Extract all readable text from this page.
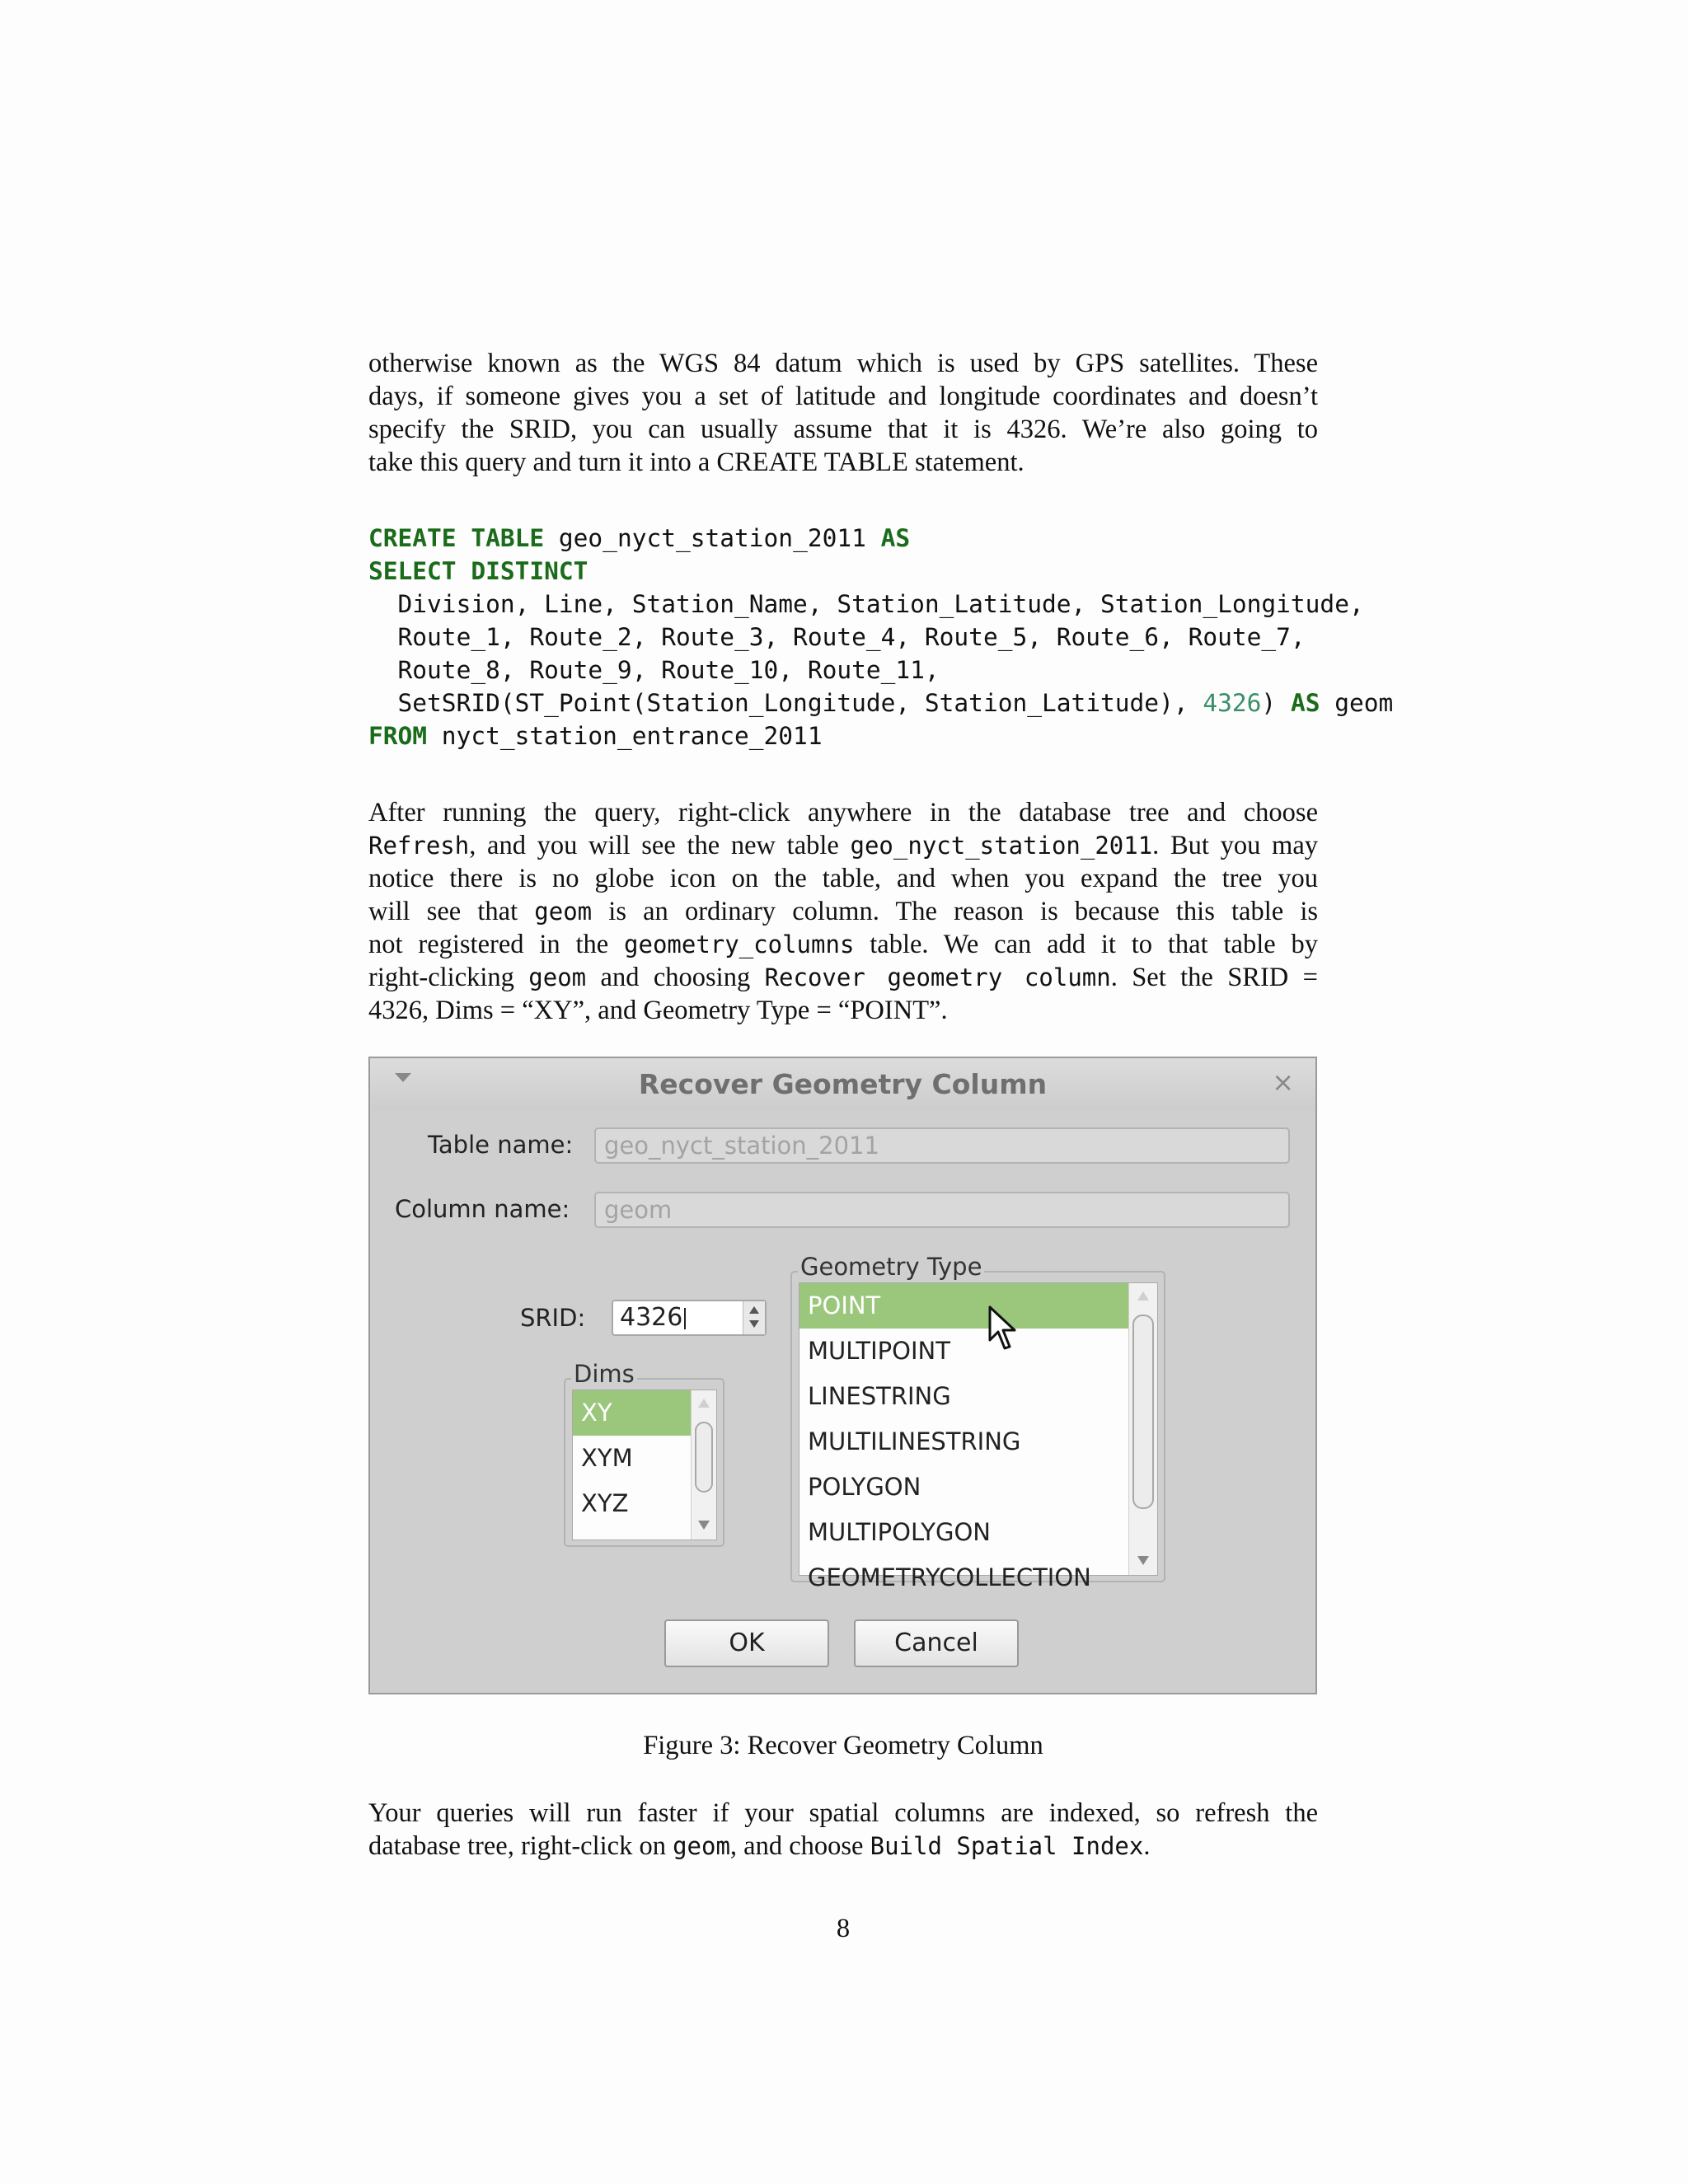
otherwise known as the WGS 84 datum which is used by GPS satellites. These
days, if someone gives you a set of latitude and longitude coordinates and doesn’t
specify the SRID, you can usually assume that it is 4326. We’re also going to
take this query and turn it into a CREATE TABLE statement.

CREATE TABLE geo_nyct_station_2011 AS
SELECT DISTINCT
Division, Line, Station_Name, Station_Latitude, Station_Longitude,
Route_1, Route_2, Route_3, Route_4, Route_5, Route_6, Route_7,
Route_8, Route_9, Route_10, Route_11,
SetSRID(ST_Point(Station_Longitude, Station_Latitude), 4326) AS geom
FROM nyct_station_entrance_2011

After running the query, right-click anywhere in the database tree and choose
Refresh, and you will see the new table geo_nyct_station_2011. But you may
notice there is no globe icon on the table, and when you expand the tree you
will see that geom is an ordinary column. The reason is because this table is
not registered in the geometry_columns table. We can add it to that table by
right-clicking geom and choosing Recover geometry column. Set the SRID =
4326, Dims = “XY”, and Geometry Type = “POINT”.

Recover Geometry Column	×
Table name:	geo_nyct_station_2011
Column name:	geom
SRID: 4326
XY
XYM
XYZ
Dims
POINT
MULTIPOINT
LINESTRING
MULTILINESTRING
POLYGON
MULTIPOLYGON
GEOMETRYCOLLECTION
Geometry Type
OK	Cancel
Figure 3: Recover Geometry Column

Your queries will run faster if your spatial columns are indexed, so refresh the
database tree, right-click on geom, and choose Build Spatial Index.

8
